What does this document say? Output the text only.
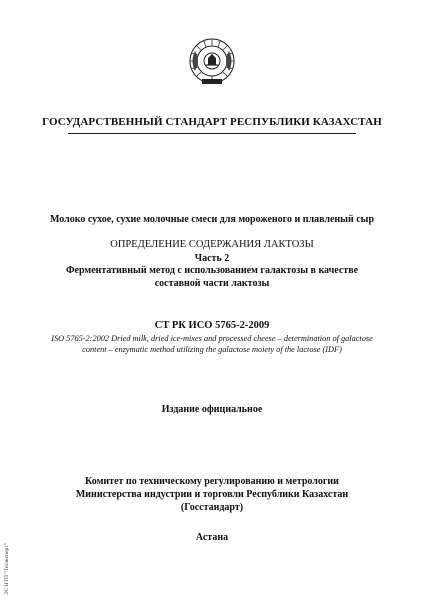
ГОСУДАРСТВЕННЫЙ СТАНДАРТ РЕСПУБЛИКИ КАЗАХСТАН
Молоко сухое, сухие молочные смеси для мороженого и плавленый сыр
ОПРЕДЕЛЕНИЕ СОДЕРЖАНИЯ ЛАКТОЗЫ
Часть 2
Ферментативный метод с использованием галактозы в качестве
составной части лактозы
СТ РК ИСО 5765-2-2009
ISO 5765-2:2002 Dried milk, dried ice-mixes and processed cheese – determination of galactose
content – enzymatic method utilizing the galactose moiety of the lactose (IDF)
Издание официальное
Комитет по техническому регулированию и метрологии
Министерства индустрии и торговли Республики Казахстан
(Госстандарт)
Астана
ЭС НТП "Техэксперт"
